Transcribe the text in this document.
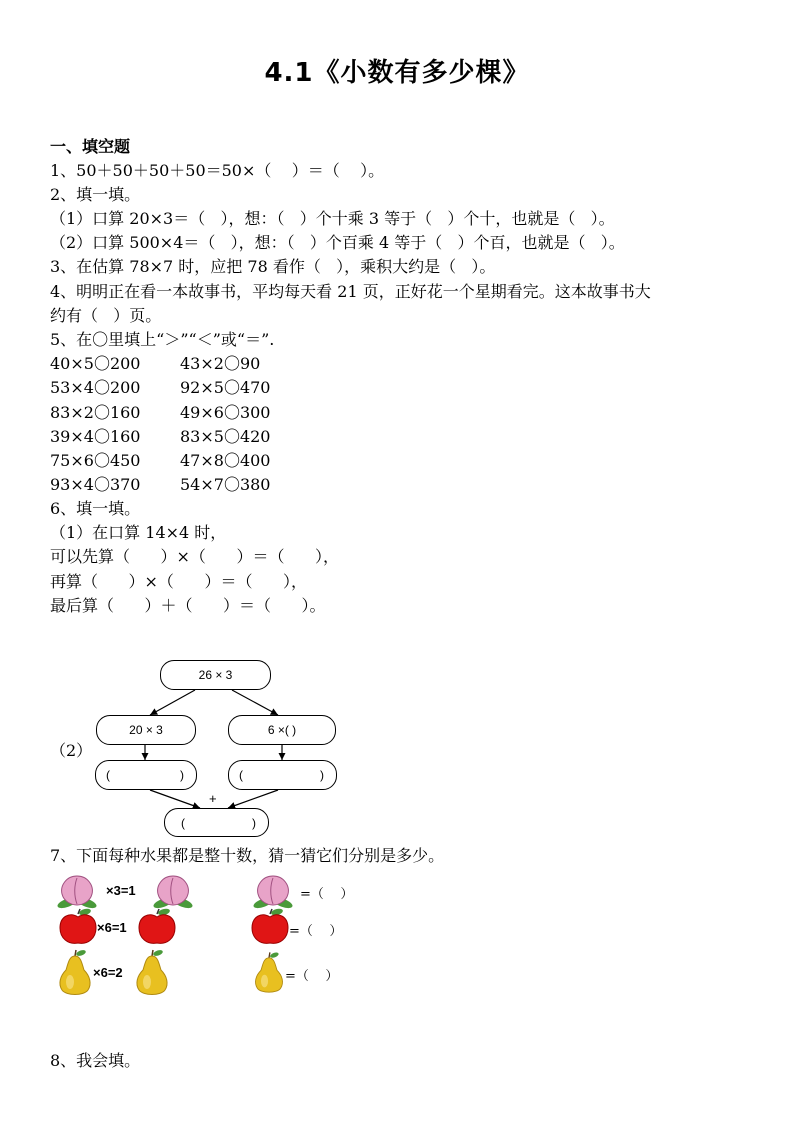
4.1《小数有多少棵》
一、填空题
1、50＋50＋50＋50＝50×（    ）＝（    ）。
2、填一填。
（1）口算 20×3＝（   ），想：（   ）个十乘 3 等于（   ）个十，也就是（   ）。
（2）口算 500×4＝（   ），想：（   ）个百乘 4 等于（   ）个百，也就是（   ）。
3、在估算 78×7 时，应把 78 看作（   ），乘积大约是（   ）。
4、明明正在看一本故事书，平均每天看 21 页，正好花一个星期看完。这本故事书大
约有（   ）页。
5、在〇里填上“＞”“＜”或“＝”.
40×5〇200 43×2〇90
53×4〇200 92×5〇470
83×2〇160 49×6〇300
39×4〇160 83×5〇420
75×6〇450 47×8〇400
93×4〇370 54×7〇380
6、填一填。
（1）在口算 14×4 时，
可以先算（      ）×（      ）＝（      ），
再算（      ）×（      ）＝（      ），
最后算（      ）＋（      ）＝（      ）。
（2）
26 × 3
20 × 3	6 ×( )
(	)	(	)
+
(	)
7、下面每种水果都是整十数，猜一猜它们分别是多少。
×3=1	=（    ）
×6=1	=（    ）
×6=2	=（    ）
8、我会填。
